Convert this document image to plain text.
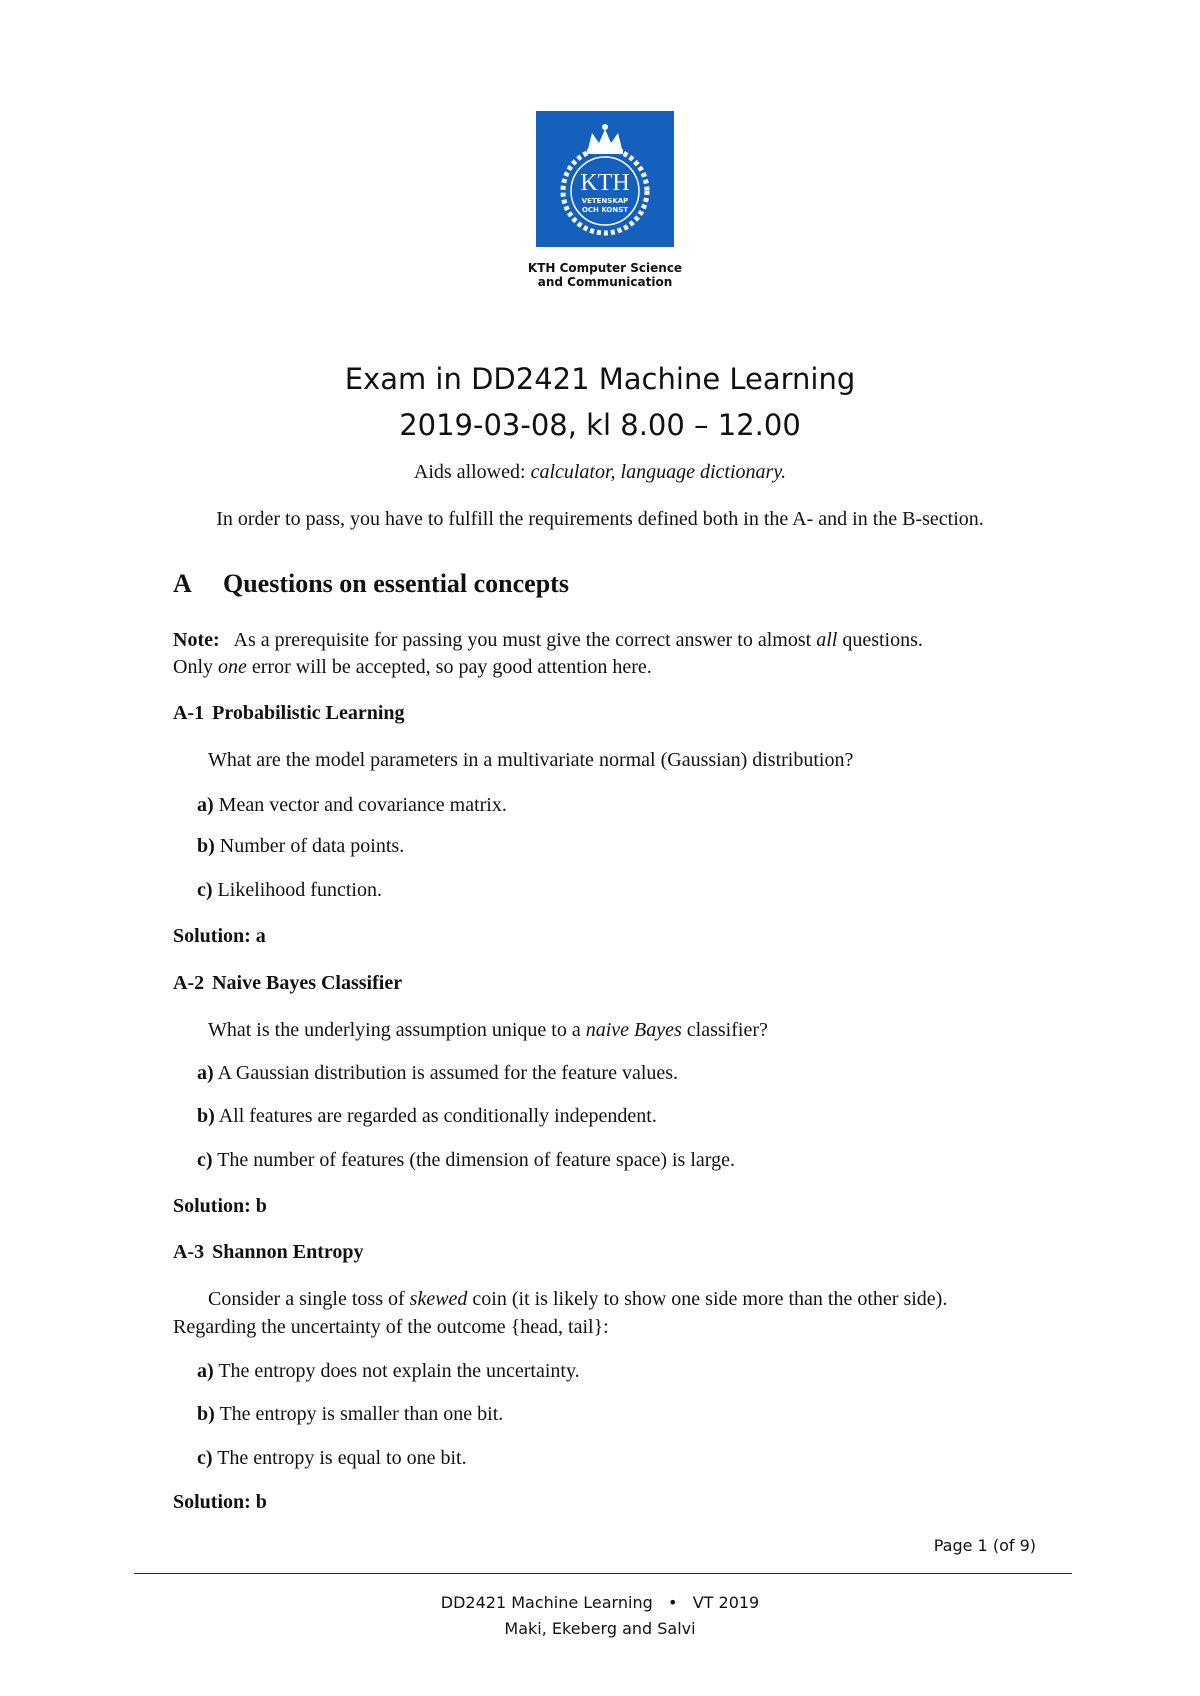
KTH
VETENSKAP
OCH KONST
KTH Computer Science
and Communication
Exam in DD2421 Machine Learning
2019-03-08, kl 8.00 – 12.00
Aids allowed: calculator, language dictionary.
In order to pass, you have to fulfill the requirements defined both in the A- and in the B-section.
A Questions on essential concepts
Note: As a prerequisite for passing you must give the correct answer to almost all questions.
Only one error will be accepted, so pay good attention here.
A-1 Probabilistic Learning
What are the model parameters in a multivariate normal (Gaussian) distribution?
a) Mean vector and covariance matrix.
b) Number of data points.
c) Likelihood function.
Solution: a
A-2 Naive Bayes Classifier
What is the underlying assumption unique to a naive Bayes classifier?
a) A Gaussian distribution is assumed for the feature values.
b) All features are regarded as conditionally independent.
c) The number of features (the dimension of feature space) is large.
Solution: b
A-3 Shannon Entropy
Consider a single toss of skewed coin (it is likely to show one side more than the other side).
Regarding the uncertainty of the outcome {head, tail}:
a) The entropy does not explain the uncertainty.
b) The entropy is smaller than one bit.
c) The entropy is equal to one bit.
Solution: b
Page 1 (of 9)
DD2421 Machine Learning • VT 2019
Maki, Ekeberg and Salvi
